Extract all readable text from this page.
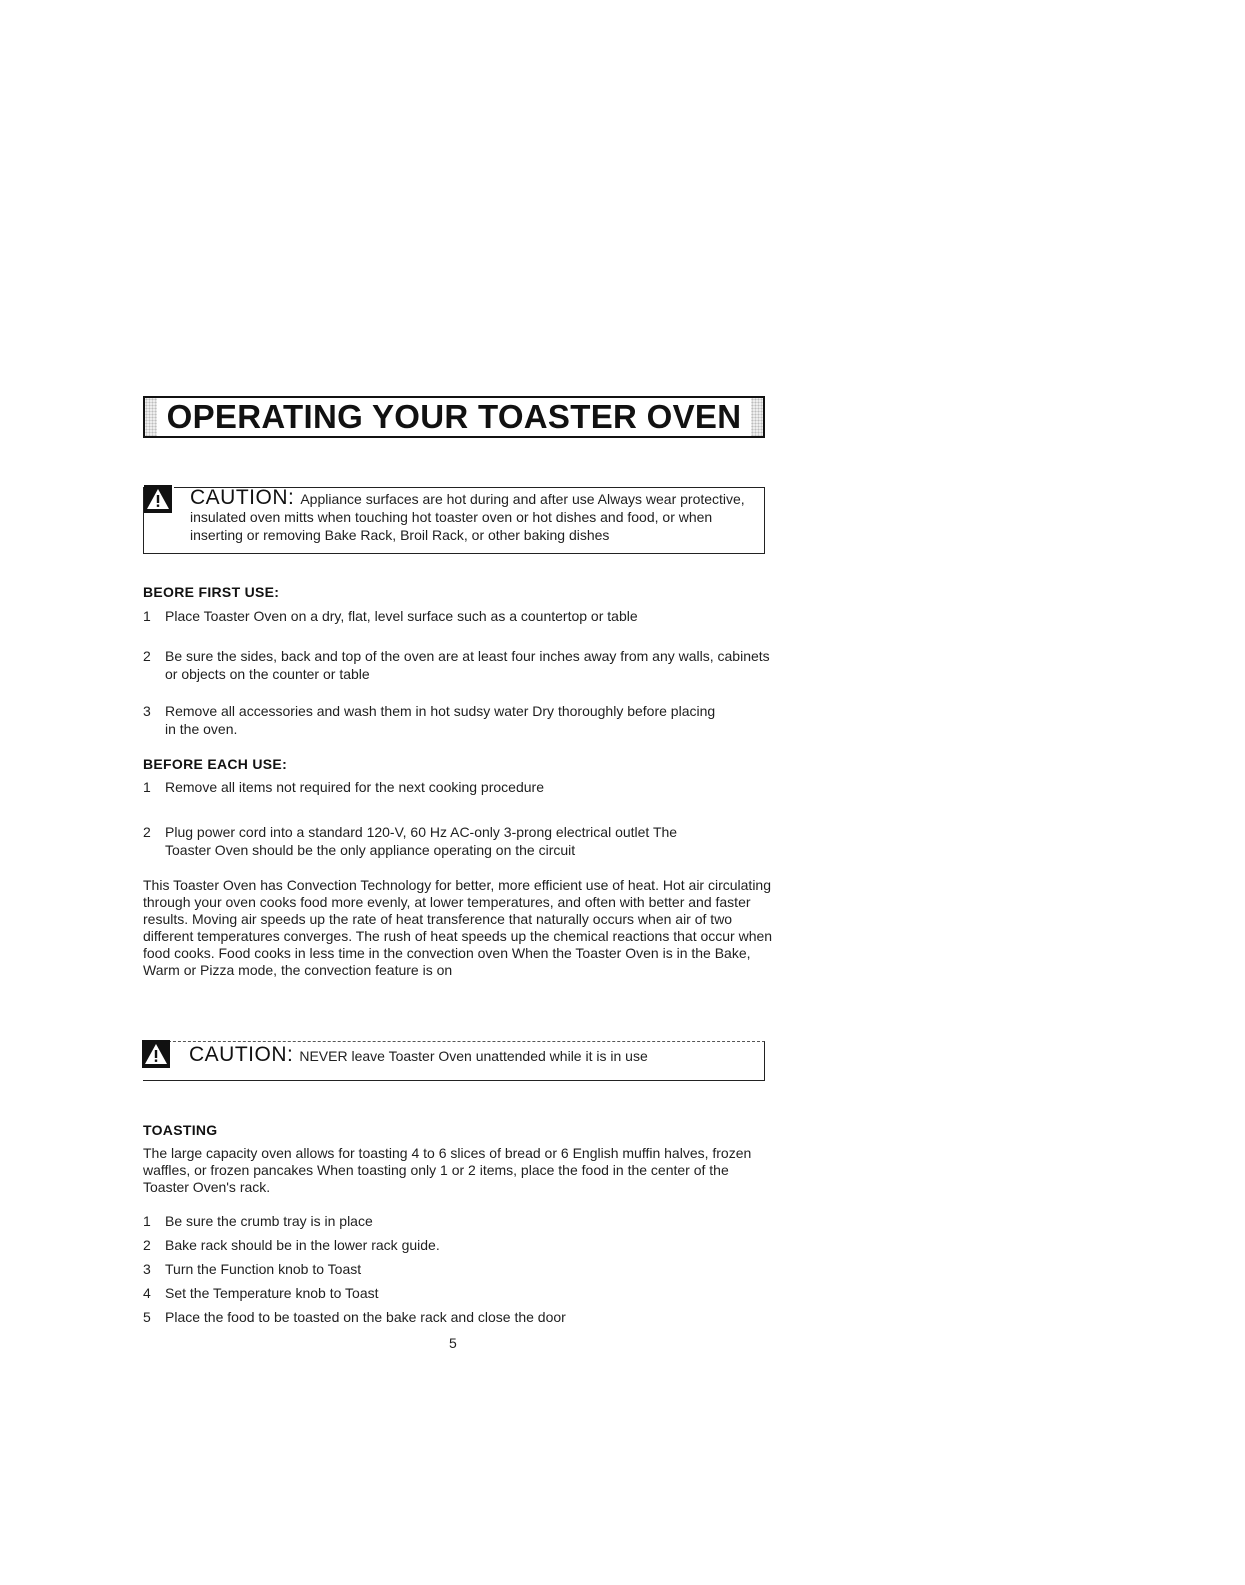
OPERATING YOUR TOASTER OVEN
CAUTION: Appliance surfaces are hot during and after use Always wear protective, insulated oven mitts when touching hot toaster oven or hot dishes and food, or when inserting or removing Bake Rack, Broil Rack, or other baking dishes
BEORE FIRST USE:
1 Place Toaster Oven on a dry, flat, level surface such as a countertop or table
2 Be sure the sides, back and top of the oven are at least four inches away from any walls, cabinets or objects on the counter or table
3 Remove all accessories and wash them in hot sudsy water Dry thoroughly before placing in the oven.
BEFORE EACH USE:
1 Remove all items not required for the next cooking procedure
2 Plug power cord into a standard 120-V, 60 Hz AC-only 3-prong electrical outlet The Toaster Oven should be the only appliance operating on the circuit
This Toaster Oven has Convection Technology for better, more efficient use of heat. Hot air circulating through your oven cooks food more evenly, at lower temperatures, and often with better and faster results. Moving air speeds up the rate of heat transference that naturally occurs when air of two different temperatures converges. The rush of heat speeds up the chemical reactions that occur when food cooks. Food cooks in less time in the convection oven When the Toaster Oven is in the Bake, Warm or Pizza mode, the convection feature is on
CAUTION: NEVER leave Toaster Oven unattended while it is in use
TOASTING
The large capacity oven allows for toasting 4 to 6 slices of bread or 6 English muffin halves, frozen waffles, or frozen pancakes When toasting only 1 or 2 items, place the food in the center of the Toaster Oven's rack.
1 Be sure the crumb tray is in place
2 Bake rack should be in the lower rack guide.
3 Turn the Function knob to Toast
4 Set the Temperature knob to Toast
5 Place the food to be toasted on the bake rack and close the door
5
